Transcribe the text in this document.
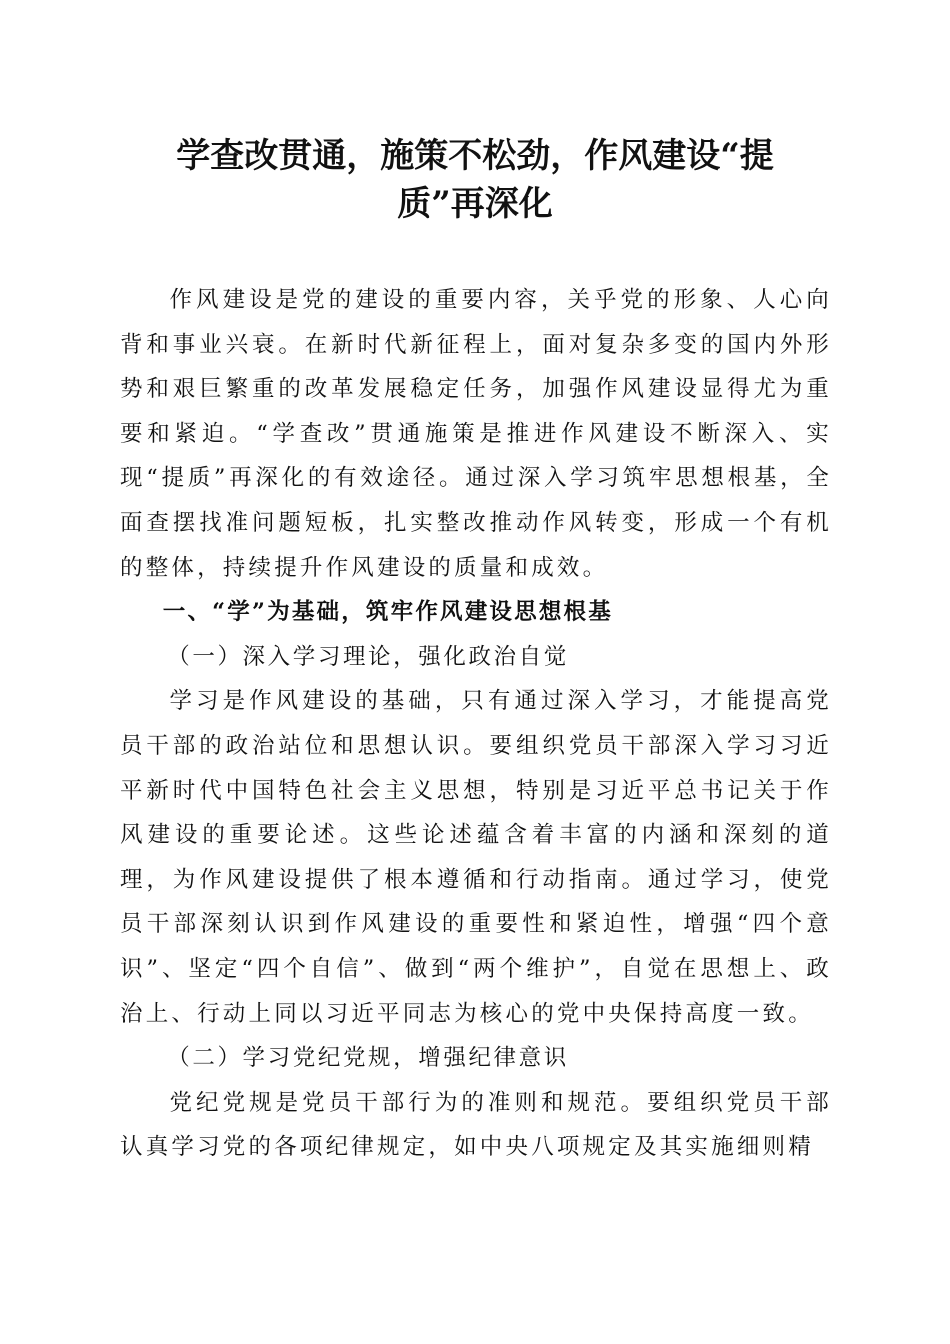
学查改贯通，施策不松劲，作风建设“提
质”再深化

作风建设是党的建设的重要内容，关乎党的形象、人心向背和事业兴衰。在新时代新征程上，面对复杂多变的国内外形势和艰巨繁重的改革发展稳定任务，加强作风建设显得尤为重要和紧迫。“学查改”贯通施策是推进作风建设不断深入、实现“提质”再深化的有效途径。通过深入学习筑牢思想根基，全面查摆找准问题短板，扎实整改推动作风转变，形成一个有机的整体，持续提升作风建设的质量和成效。

一、“学”为基础，筑牢作风建设思想根基
（一）深入学习理论，强化政治自觉

学习是作风建设的基础，只有通过深入学习，才能提高党员干部的政治站位和思想认识。要组织党员干部深入学习习近平新时代中国特色社会主义思想，特别是习近平总书记关于作风建设的重要论述。这些论述蕴含着丰富的内涵和深刻的道理，为作风建设提供了根本遵循和行动指南。通过学习，使党员干部深刻认识到作风建设的重要性和紧迫性，增强“四个意识”、坚定“四个自信”、做到“两个维护”，自觉在思想上、政治上、行动上同以习近平同志为核心的党中央保持高度一致。

（二）学习党纪党规，增强纪律意识

党纪党规是党员干部行为的准则和规范。要组织党员干部认真学习党的各项纪律规定，如中央八项规定及其实施细则精
